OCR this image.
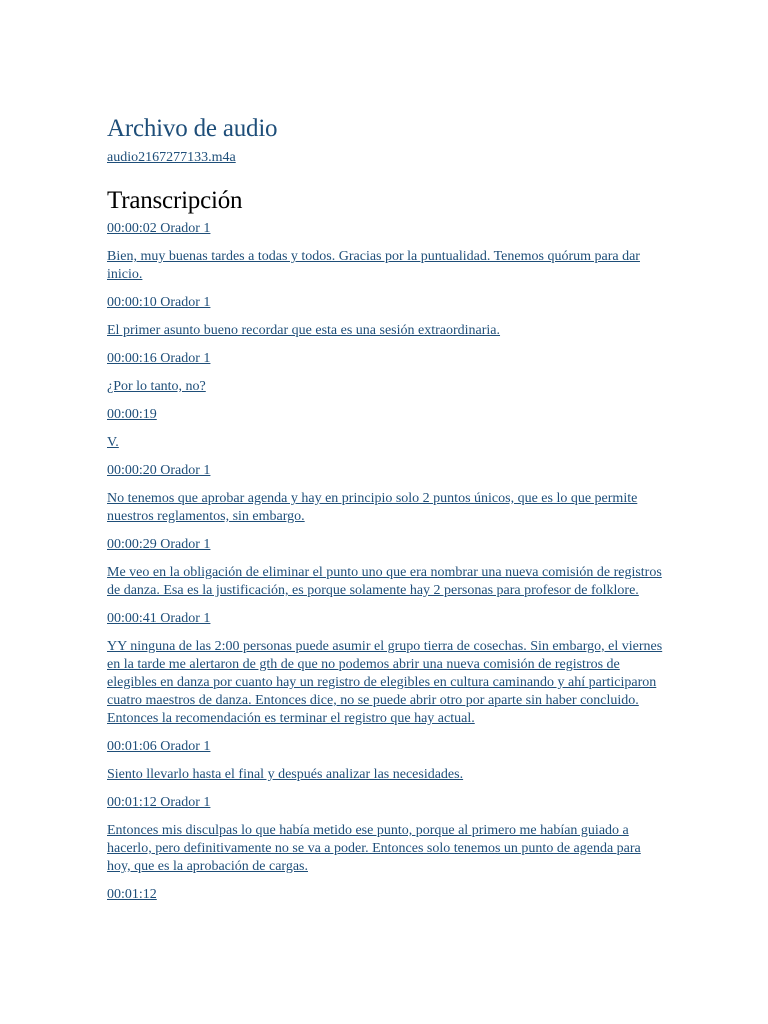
Archivo de audio
audio2167277133.m4a
Transcripción
00:00:02 Orador 1
Bien, muy buenas tardes a todas y todos. Gracias por la puntualidad. Tenemos quórum para dar inicio.
00:00:10 Orador 1
El primer asunto bueno recordar que esta es una sesión extraordinaria.
00:00:16 Orador 1
¿Por lo tanto, no?
00:00:19
V.
00:00:20 Orador 1
No tenemos que aprobar agenda y hay en principio solo 2 puntos únicos, que es lo que permite nuestros reglamentos, sin embargo.
00:00:29 Orador 1
Me veo en la obligación de eliminar el punto uno que era nombrar una nueva comisión de registros de danza. Esa es la justificación, es porque solamente hay 2 personas para profesor de folklore.
00:00:41 Orador 1
YY ninguna de las 2:00 personas puede asumir el grupo tierra de cosechas. Sin embargo, el viernes en la tarde me alertaron de gth de que no podemos abrir una nueva comisión de registros de elegibles en danza por cuanto hay un registro de elegibles en cultura caminando y ahí participaron cuatro maestros de danza. Entonces dice, no se puede abrir otro por aparte sin haber concluido. Entonces la recomendación es terminar el registro que hay actual.
00:01:06 Orador 1
Siento llevarlo hasta el final y después analizar las necesidades.
00:01:12 Orador 1
Entonces mis disculpas lo que había metido ese punto, porque al primero me habían guiado a hacerlo, pero definitivamente no se va a poder. Entonces solo tenemos un punto de agenda para hoy, que es la aprobación de cargas.
00:01:12
